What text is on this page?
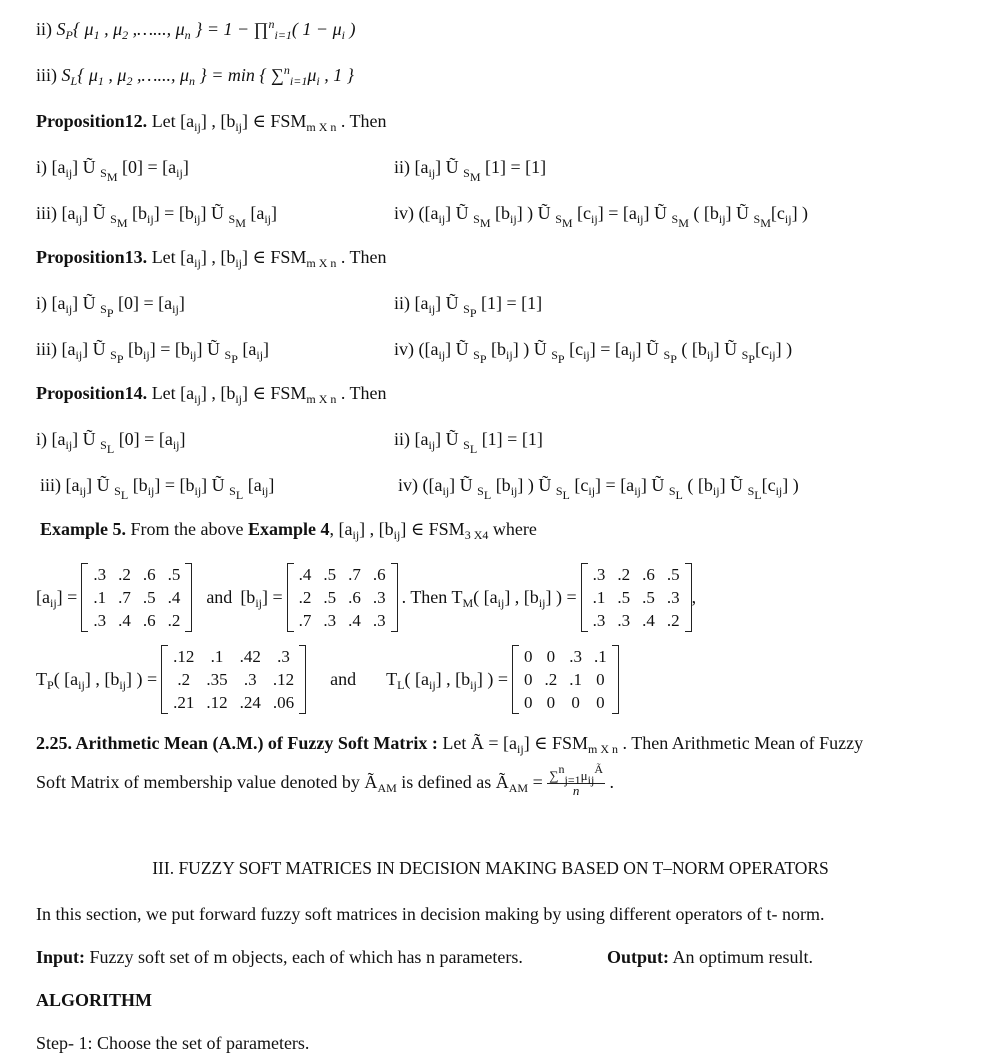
ii) $S_P${ $\mu_1$ , $\mu_2$ ,…..., $\mu_n$ } = 1 − ∏$^n_{i=1}$( $1 - \mu_i$ )
iii) $S_L${ $\mu_1$ , $\mu_2$ ,…..., $\mu_n$ } = min { $\sum^n_{i=1}\mu_i$ , 1 }
Proposition12. Let $[a_{ij}]$ , $[b_{ij}]$ ∈ $FSM_{m X n}$ . Then
i) $[a_{ij}]$ Ũ $_{S_M}$ $[0] = [a_{ij}]$	ii) $[a_{ij}]$ Ũ $_{S_M}$ [1] = [1]
iii) $[a_{ij}]$ Ũ $_{S_M}$ $[b_{ij}] = [b_{ij}]$ Ũ $_{S_M}$ $[a_{ij}]$	iv) ($[a_{ij}]$ Ũ $_{S_M}$ $[b_{ij}]$ ) Ũ $_{S_M}$ $[c_{ij}] = [a_{ij}]$ Ũ $_{S_M}$ ( $[b_{ij}]$ Ũ $_{S_M}[c_{ij}]$ )
Proposition13. Let $[a_{ij}]$ , $[b_{ij}]$ ∈ $FSM_{m X n}$ . Then
i) $[a_{ij}]$ Ũ $_{S_P}$ $[0] = [a_{ij}]$	ii) $[a_{ij}]$ Ũ $_{S_P}$ [1] = [1]
iii) $[a_{ij}]$ Ũ $_{S_P}$ $[b_{ij}] = [b_{ij}]$ Ũ $_{S_P}$ $[a_{ij}]$	iv) ($[a_{ij}]$ Ũ $_{S_P}$ $[b_{ij}]$ ) Ũ $_{S_P}$ $[c_{ij}] = [a_{ij}]$ Ũ $_{S_P}$ ( $[b_{ij}]$ Ũ $_{S_P}[c_{ij}]$ )
Proposition14. Let $[a_{ij}]$ , $[b_{ij}]$ ∈ $FSM_{m X n}$ . Then
i) $[a_{ij}]$ Ũ $_{S_L}$ $[0] = [a_{ij}]$	ii) $[a_{ij}]$ Ũ $_{S_L}$ [1] = [1]
iii) $[a_{ij}]$ Ũ $_{S_L}$ $[b_{ij}] = [b_{ij}]$ Ũ $_{S_L}$ $[a_{ij}]$	iv) ($[a_{ij}]$ Ũ $_{S_L}$ $[b_{ij}]$ ) Ũ $_{S_L}$ $[c_{ij}] = [a_{ij}]$ Ũ $_{S_L}$ ( $[b_{ij}]$ Ũ $_{S_L}[c_{ij}]$ )
Example 5. From the above Example 4, $[a_{ij}]$ , $[b_{ij}]$ ∈ $FSM_{3 X4}$ where
$[a_{ij}]$ =
.3	.2	.6	.5
.1	.7	.5	.4
.3	.4	.6	.2
and $[b_{ij}]$ =
.4	.5	.7	.6
.2	.5	.6	.3
.7	.3	.4	.3
. Then $T_M$( $[a_{ij}]$ , $[b_{ij}]$ ) =
.3	.2	.6	.5
.1	.5	.5	.3
.3	.3	.4	.2
,
$T_P$( $[a_{ij}]$ , $[b_{ij}]$ ) =
.12	.1	.42	.3
.2	.35	.3	.12
.21	.12	.24	.06
and $T_L$( $[a_{ij}]$ , $[b_{ij}]$ ) =
0	0	.3	.1
0	.2	.1	0
0	0	0	0
2.25. Arithmetic Mean (A.M.) of Fuzzy Soft Matrix : Let Ã = $[a_{ij}]$ ∈ $FSM_{m X n}$ . Then Arithmetic Mean of Fuzzy
Soft Matrix of membership value denoted by $Ã_{AM}$ is defined as $Ã_{AM} = \frac{\sum^n_{j=1}\mu_{ij}^Ã}{n}$ .
III. FUZZY SOFT MATRICES IN DECISION MAKING BASED ON T–NORM OPERATORS
In this section, we put forward fuzzy soft matrices in decision making by using different operators of t- norm.
Input: Fuzzy soft set of m objects, each of which has n parameters.	Output: An optimum result.
ALGORITHM
Step- 1: Choose the set of parameters.
